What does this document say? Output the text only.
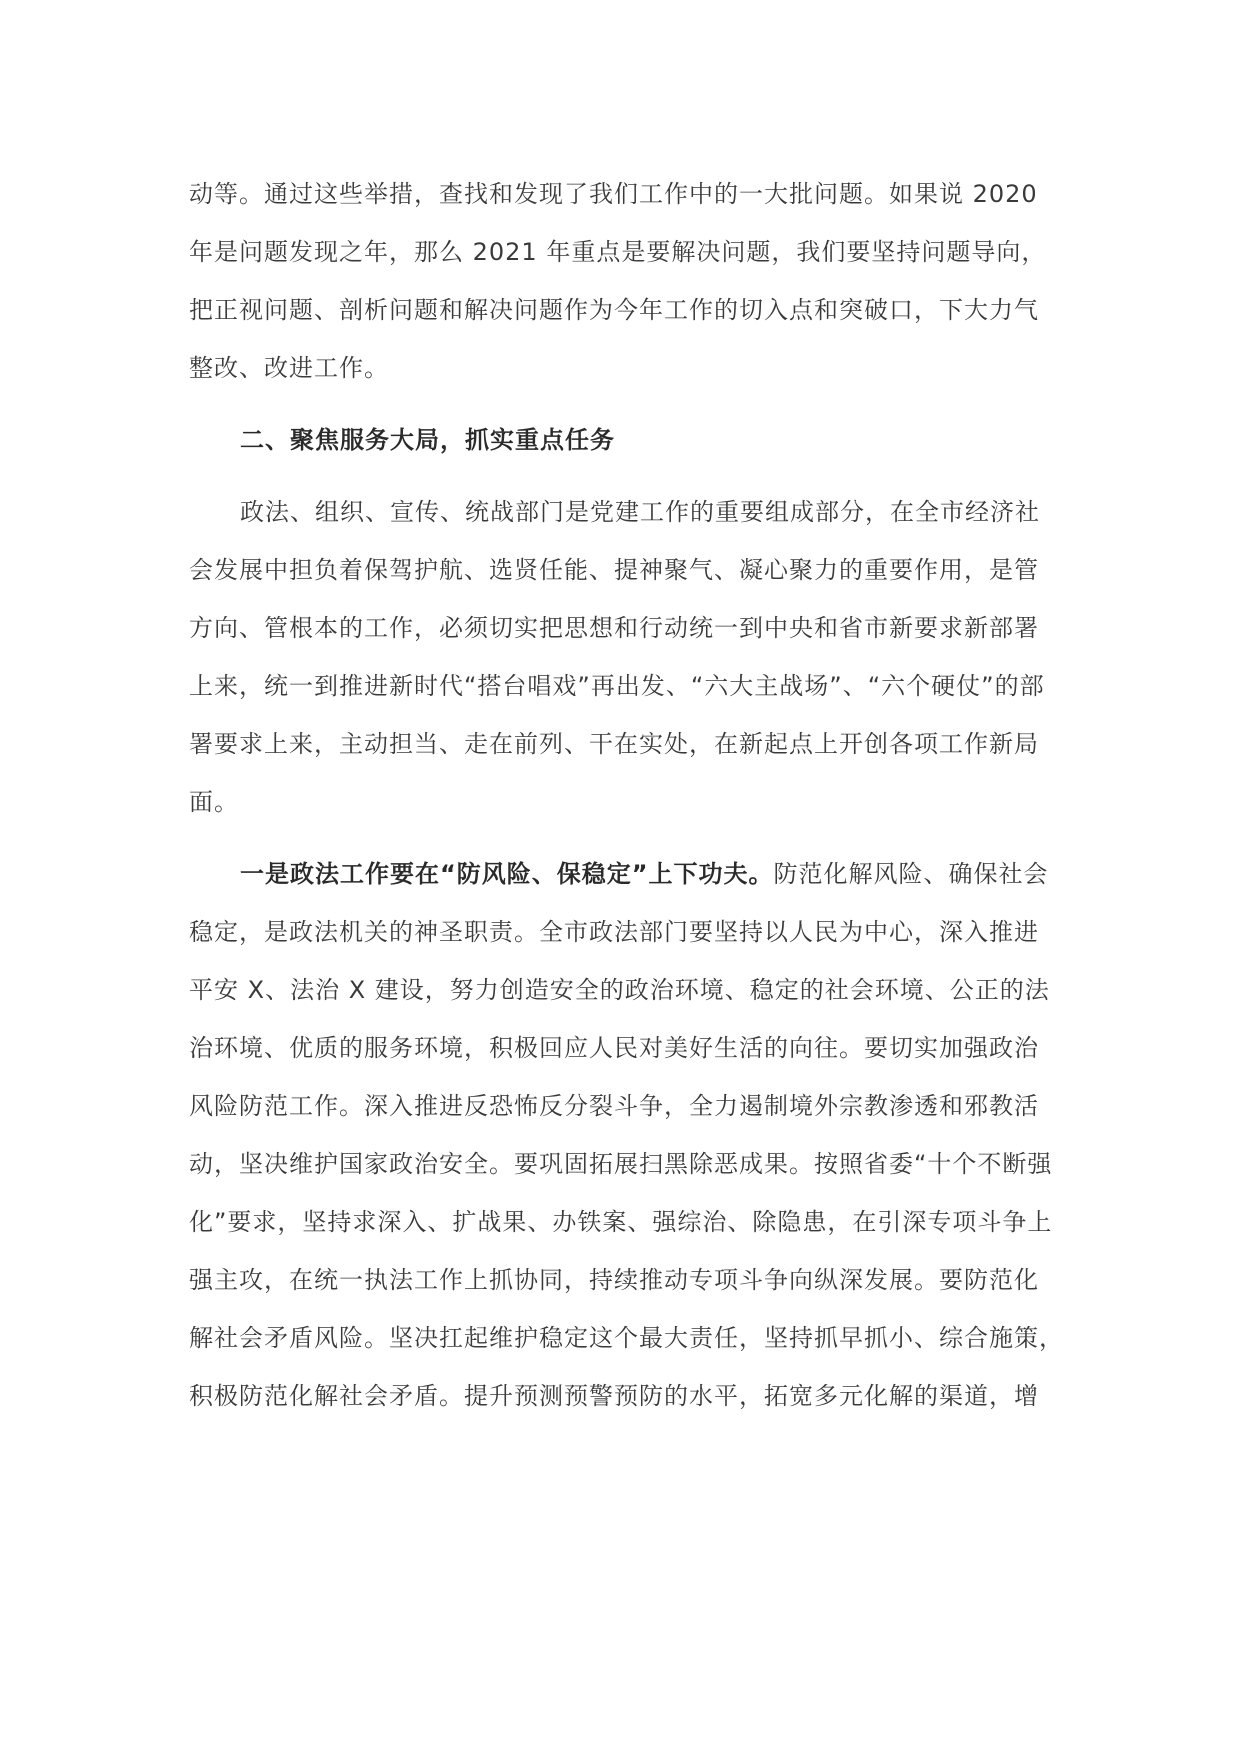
动等。通过这些举措，查找和发现了我们工作中的一大批问题。如果说 2020
年是问题发现之年，那么 2021 年重点是要解决问题，我们要坚持问题导向，
把正视问题、剖析问题和解决问题作为今年工作的切入点和突破口，下大力气
整改、改进工作。
二、聚焦服务大局，抓实重点任务
政法、组织、宣传、统战部门是党建工作的重要组成部分，在全市经济社
会发展中担负着保驾护航、选贤任能、提神聚气、凝心聚力的重要作用，是管
方向、管根本的工作，必须切实把思想和行动统一到中央和省市新要求新部署
上来，统一到推进新时代“搭台唱戏”再出发、“六大主战场”、“六个硬仗”的部
署要求上来，主动担当、走在前列、干在实处，在新起点上开创各项工作新局
面。
一是政法工作要在“防风险、保稳定”上下功夫。防范化解风险、确保社会
稳定，是政法机关的神圣职责。全市政法部门要坚持以人民为中心，深入推进
平安 X、法治 X 建设，努力创造安全的政治环境、稳定的社会环境、公正的法
治环境、优质的服务环境，积极回应人民对美好生活的向往。要切实加强政治
风险防范工作。深入推进反恐怖反分裂斗争，全力遏制境外宗教渗透和邪教活
动，坚决维护国家政治安全。要巩固拓展扫黑除恶成果。按照省委“十个不断强
化”要求，坚持求深入、扩战果、办铁案、强综治、除隐患，在引深专项斗争上
强主攻，在统一执法工作上抓协同，持续推动专项斗争向纵深发展。要防范化
解社会矛盾风险。坚决扛起维护稳定这个最大责任，坚持抓早抓小、综合施策，
积极防范化解社会矛盾。提升预测预警预防的水平，拓宽多元化解的渠道，增
